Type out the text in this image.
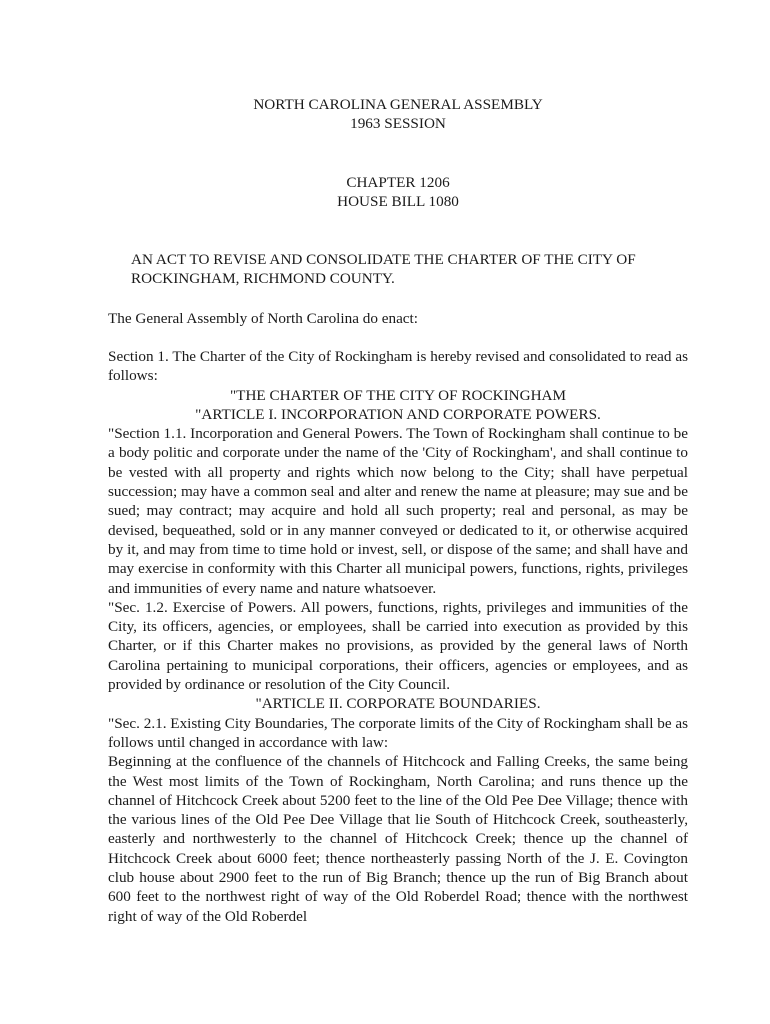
NORTH CAROLINA GENERAL ASSEMBLY
1963 SESSION
CHAPTER 1206
HOUSE BILL 1080
AN ACT TO REVISE AND CONSOLIDATE THE CHARTER OF THE CITY OF ROCKINGHAM, RICHMOND COUNTY.
The General Assembly of North Carolina do enact:

Section 1. The Charter of the City of Rockingham is hereby revised and consolidated to read as follows:

"THE CHARTER OF THE CITY OF ROCKINGHAM

"ARTICLE I. INCORPORATION AND CORPORATE POWERS.

"Section 1.1. Incorporation and General Powers. The Town of Rockingham shall continue to be a body politic and corporate under the name of the 'City of Rockingham', and shall continue to be vested with all property and rights which now belong to the City; shall have perpetual succession; may have a common seal and alter and renew the name at pleasure; may sue and be sued; may contract; may acquire and hold all such property; real and personal, as may be devised, bequeathed, sold or in any manner conveyed or dedicated to it, or otherwise acquired by it, and may from time to time hold or invest, sell, or dispose of the same; and shall have and may exercise in conformity with this Charter all municipal powers, functions, rights, privileges and immunities of every name and nature whatsoever.

"Sec. 1.2. Exercise of Powers. All powers, functions, rights, privileges and immunities of the City, its officers, agencies, or employees, shall be carried into execution as provided by this Charter, or if this Charter makes no provisions, as provided by the general laws of North Carolina pertaining to municipal corporations, their officers, agencies or employees, and as provided by ordinance or resolution of the City Council.

"ARTICLE II. CORPORATE BOUNDARIES.

"Sec. 2.1. Existing City Boundaries, The corporate limits of the City of Rockingham shall be as follows until changed in accordance with law:

Beginning at the confluence of the channels of Hitchcock and Falling Creeks, the same being the West most limits of the Town of Rockingham, North Carolina; and runs thence up the channel of Hitchcock Creek about 5200 feet to the line of the Old Pee Dee Village; thence with the various lines of the Old Pee Dee Village that lie South of Hitchcock Creek, southeasterly, easterly and northwesterly to the channel of Hitchcock Creek; thence up the channel of Hitchcock Creek about 6000 feet; thence northeasterly passing North of the J. E. Covington club house about 2900 feet to the run of Big Branch; thence up the run of Big Branch about 600 feet to the northwest right of way of the Old Roberdel Road; thence with the northwest right of way of the Old Roberdel
